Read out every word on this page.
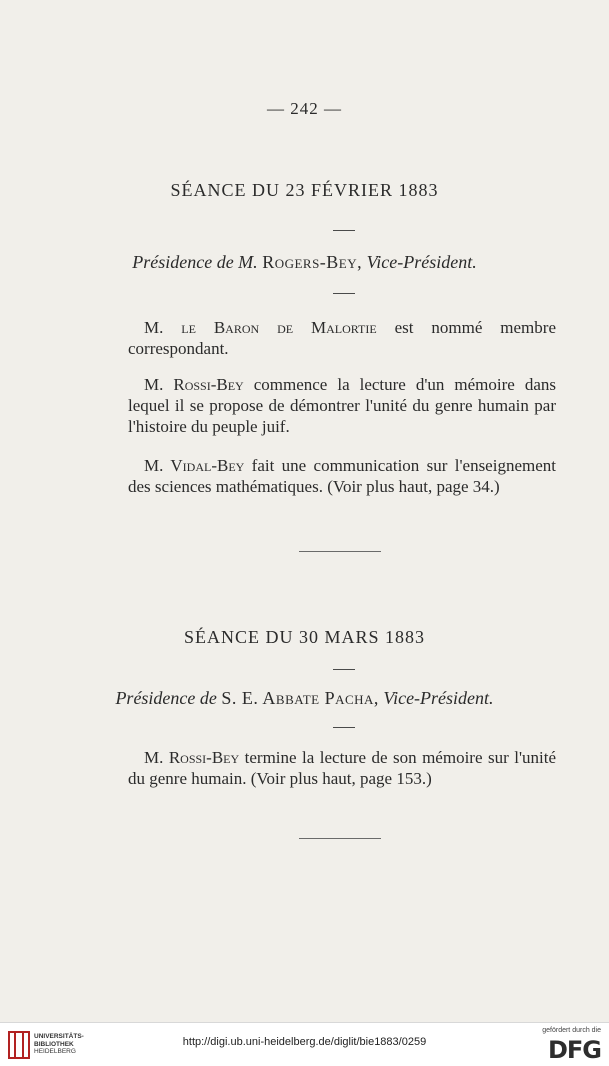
— 242 —
SÉANCE DU 23 FÉVRIER 1883
Présidence de M. Rogers-Bey, Vice-Président.
M. le Baron de Malortie est nommé membre correspondant.
M. Rossi-Bey commence la lecture d'un mémoire dans lequel il se propose de démontrer l'unité du genre humain par l'histoire du peuple juif.
M. Vidal-Bey fait une communication sur l'enseignement des sciences mathématiques. (Voir plus haut, page 34.)
SÉANCE DU 30 MARS 1883
Présidence de S. E. Abbate Pacha, Vice-Président.
M. Rossi-Bey termine la lecture de son mémoire sur l'unité du genre humain. (Voir plus haut, page 153.)
UNIVERSITÄTS-
BIBLIOTHEK
HEIDELBERG
http://digi.ub.uni-heidelberg.de/diglit/bie1883/0259
gefördert durch die
DFG
